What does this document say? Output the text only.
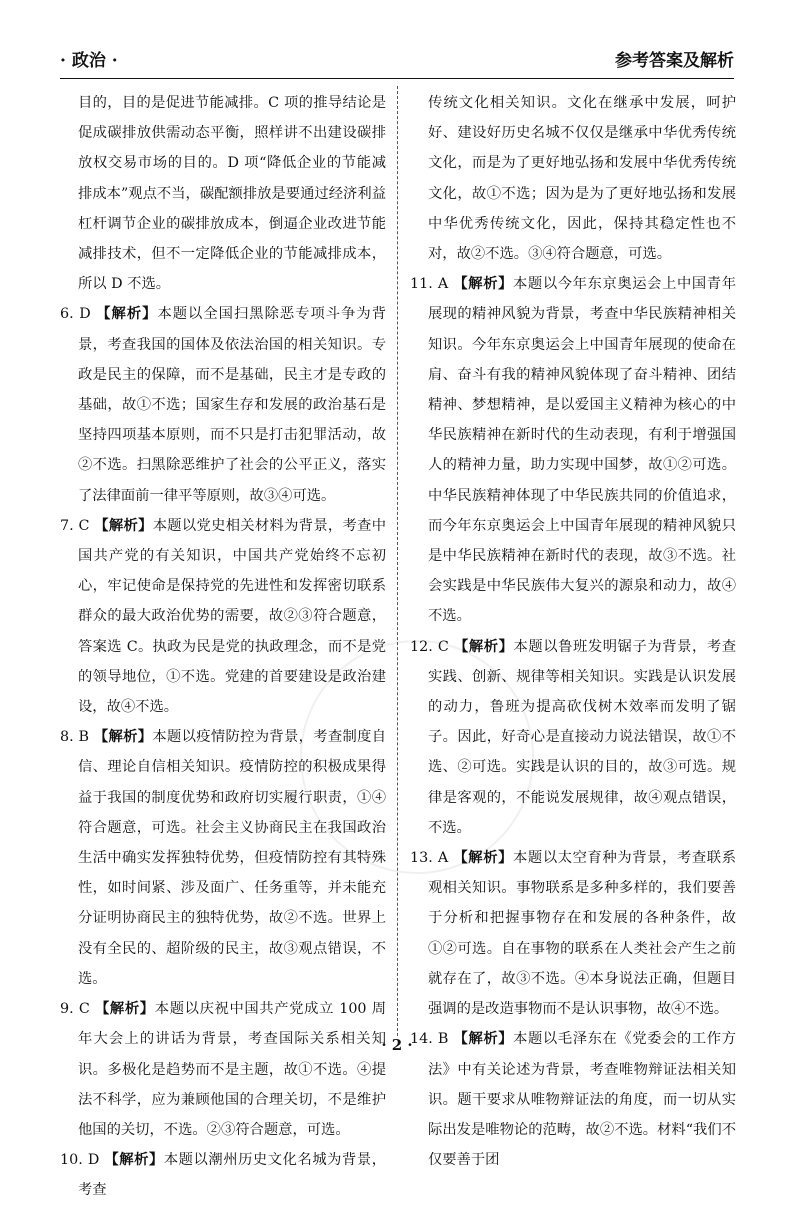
· 政治 ·	参考答案及解析

目的，目的是促进节能减排。C 项的推导结论是促成碳排放供需动态平衡，照样讲不出建设碳排放权交易市场的目的。D 项“降低企业的节能减排成本”观点不当，碳配额排放是要通过经济利益杠杆调节企业的碳排放成本，倒逼企业改进节能减排技术，但不一定降低企业的节能减排成本，所以 D 不选。

6. D 【解析】本题以全国扫黑除恶专项斗争为背景，考查我国的国体及依法治国的相关知识。专政是民主的保障，而不是基础，民主才是专政的基础，故①不选；国家生存和发展的政治基石是坚持四项基本原则，而不只是打击犯罪活动，故②不选。扫黑除恶维护了社会的公平正义，落实了法律面前一律平等原则，故③④可选。

7. C 【解析】本题以党史相关材料为背景，考查中国共产党的有关知识，中国共产党始终不忘初心，牢记使命是保持党的先进性和发挥密切联系群众的最大政治优势的需要，故②③符合题意，答案选 C。执政为民是党的执政理念，而不是党的领导地位，①不选。党建的首要建设是政治建设，故④不选。

8. B 【解析】本题以疫情防控为背景，考查制度自信、理论自信相关知识。疫情防控的积极成果得益于我国的制度优势和政府切实履行职责，①④符合题意，可选。社会主义协商民主在我国政治生活中确实发挥独特优势，但疫情防控有其特殊性，如时间紧、涉及面广、任务重等，并未能充分证明协商民主的独特优势，故②不选。世界上没有全民的、超阶级的民主，故③观点错误，不选。

9. C 【解析】本题以庆祝中国共产党成立 100 周年大会上的讲话为背景，考查国际关系相关知识。多极化是趋势而不是主题，故①不选。④提法不科学，应为兼顾他国的合理关切，不是维护他国的关切，不选。②③符合题意，可选。

10. D 【解析】本题以潮州历史文化名城为背景，考查

传统文化相关知识。文化在继承中发展，呵护好、建设好历史名城不仅仅是继承中华优秀传统文化，而是为了更好地弘扬和发展中华优秀传统文化，故①不选；因为是为了更好地弘扬和发展中华优秀传统文化，因此，保持其稳定性也不对，故②不选。③④符合题意，可选。

11. A 【解析】本题以今年东京奥运会上中国青年展现的精神风貌为背景，考查中华民族精神相关知识。今年东京奥运会上中国青年展现的使命在肩、奋斗有我的精神风貌体现了奋斗精神、团结精神、梦想精神，是以爱国主义精神为核心的中华民族精神在新时代的生动表现，有利于增强国人的精神力量，助力实现中国梦，故①②可选。中华民族精神体现了中华民族共同的价值追求，而今年东京奥运会上中国青年展现的精神风貌只是中华民族精神在新时代的表现，故③不选。社会实践是中华民族伟大复兴的源泉和动力，故④不选。

12. C 【解析】本题以鲁班发明锯子为背景，考查实践、创新、规律等相关知识。实践是认识发展的动力，鲁班为提高砍伐树木效率而发明了锯子。因此，好奇心是直接动力说法错误，故①不选、②可选。实践是认识的目的，故③可选。规律是客观的，不能说发展规律，故④观点错误，不选。

13. A 【解析】本题以太空育种为背景，考查联系观相关知识。事物联系是多种多样的，我们要善于分析和把握事物存在和发展的各种条件，故①②可选。自在事物的联系在人类社会产生之前就存在了，故③不选。④本身说法正确，但题目强调的是改造事物而不是认识事物，故④不选。

14. B 【解析】本题以毛泽东在《党委会的工作方法》中有关论述为背景，考查唯物辩证法相关知识。题干要求从唯物辩证法的角度，而一切从实际出发是唯物论的范畴，故②不选。材料“我们不仅要善于团

· 2 ·
